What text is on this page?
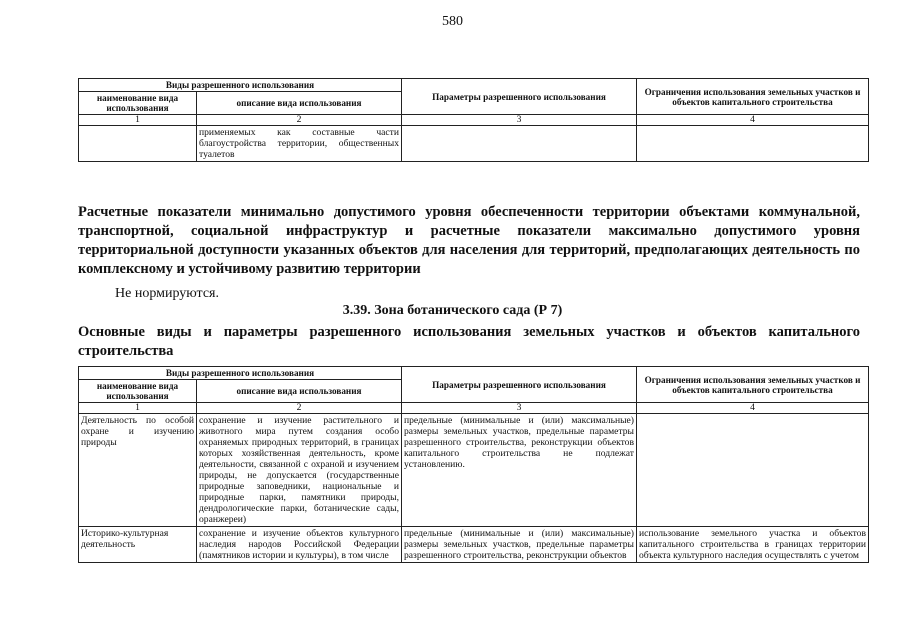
580
Виды разрешенного использования		Параметры разрешенного использования	Ограничения использования земельных участков и объектов капитального строительства
наименование вида использования	описание вида использования		
1	2	3	4
	применяемых как составные части благоустройства территории, общественных туалетов		
Расчетные показатели минимально допустимого уровня обеспеченности территории объектами коммунальной, транспортной, социальной инфраструктур и расчетные показатели максимально допустимого уровня территориальной доступности указанных объектов для населения для территорий, предполагающих деятельность по комплексному и устойчивому развитию территории
Не нормируются.
3.39. Зона ботанического сада (Р 7)
Основные виды и параметры разрешенного использования земельных участков и объектов капитального строительства
Виды разрешенного использования		Параметры разрешенного использования	Ограничения использования земельных участков и объектов капитального строительства
наименование вида использования	описание вида использования		
1	2	3	4
Деятельность по особой охране и изучению природы	сохранение и изучение растительного и животного мира путем создания особо охраняемых природных территорий, в границах которых хозяйственная деятельность, кроме деятельности, связанной с охраной и изучением природы, не допускается (государственные природные заповедники, национальные и природные парки, памятники природы, дендрологические парки, ботанические сады, оранжереи)	предельные (минимальные и (или) максимальные) размеры земельных участков, предельные параметры разрешенного строительства, реконструкции объектов капитального строительства не подлежат установлению.	
Историко-культурная деятельность	сохранение и изучение объектов культурного наследия народов Российской Федерации (памятников истории и культуры), в том числе	предельные (минимальные и (или) максимальные) размеры земельных участков, предельные параметры разрешенного строительства, реконструкции объектов	использование земельного участка и объектов капитального строительства в границах территории объекта культурного наследия осуществлять с учетом
